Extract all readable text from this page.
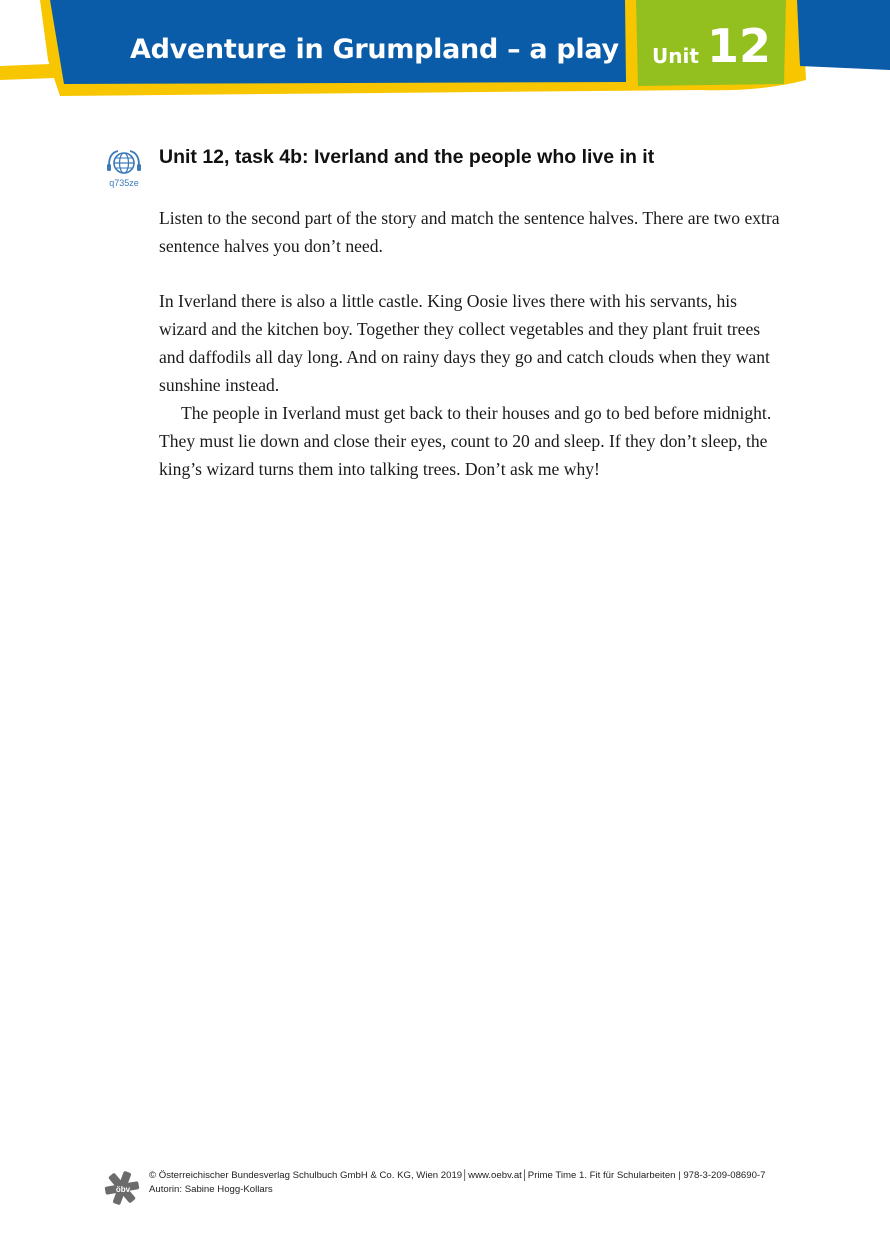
Adventure in Grumpland – a play Unit 12
q735ze
Unit 12, task 4b: Iverland and the people who live in it

Listen to the second part of the story and match the sentence halves. There are two extra sentence halves you don’t need.

In Iverland there is also a little castle. King Oosie lives there with his servants, his wizard and the kitchen boy. Together they collect vegetables and they plant fruit trees and daffodils all day long. And on rainy days they go and catch clouds when they want sunshine instead.

The people in Iverland must get back to their houses and go to bed before midnight. They must lie down and close their eyes, count to 20 and sleep. If they don’t sleep, the king’s wizard turns them into talking trees. Don’t ask me why!

öbv
© Österreichischer Bundesverlag Schulbuch GmbH & Co. KG, Wien 2019│www.oebv.at│Prime Time 1. Fit für Schularbeiten | 978-3-209-08690-7
Autorin: Sabine Hogg-Kollars
